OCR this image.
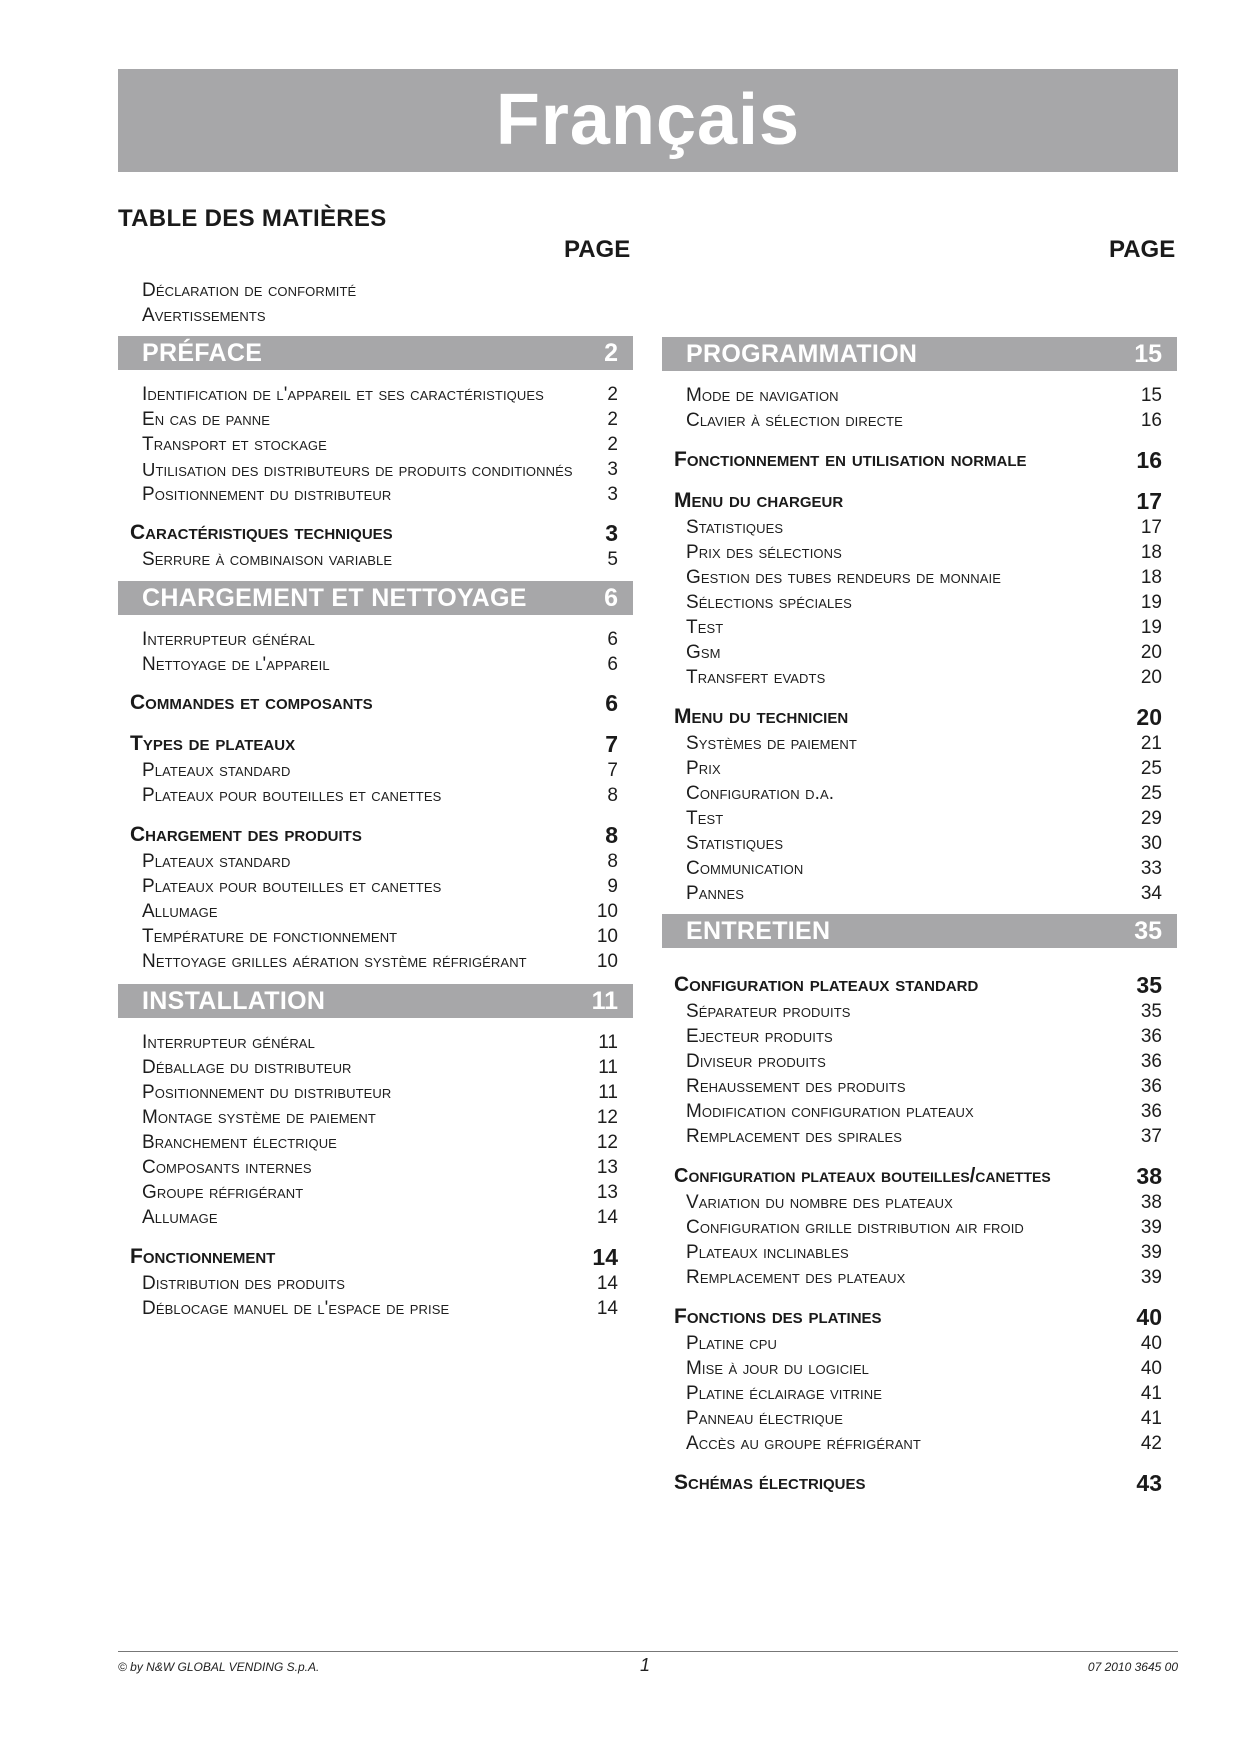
Français
TABLE DES MATIÈRES
PAGE	PAGE
Déclaration de conformité
Avertissements
PRÉFACE	2
Identification de l'appareil et ses caractéristiques	2
En cas de panne	2
Transport et stockage	2
Utilisation des distributeurs de produits conditionnés 3
Positionnement du distributeur	3
Caractéristiques techniques	3
Serrure à combinaison variable	5
CHARGEMENT ET NETTOYAGE	6
Interrupteur général	6
Nettoyage de l'appareil	6
Commandes et composants	6
Types de plateaux	7
Plateaux standard	7
Plateaux pour bouteilles et canettes	8
Chargement des produits	8
Plateaux standard	8
Plateaux pour bouteilles et canettes	9
Allumage	10
Température de fonctionnement	10
Nettoyage grilles aération système réfrigérant	10
INSTALLATION	11
Interrupteur général	11
Déballage du distributeur	11
Positionnement du distributeur	11
Montage système de paiement	12
Branchement électrique	12
Composants internes	13
Groupe réfrigérant	13
Allumage	14
Fonctionnement	14
Distribution des produits	14
Déblocage manuel de l'espace de prise	14
PROGRAMMATION	15
Mode de navigation	15
Clavier à sélection directe	16
Fonctionnement en utilisation normale	16
Menu du chargeur	17
Statistiques	17
Prix des sélections	18
Gestion des tubes rendeurs de monnaie	18
Sélections spéciales	19
Test	19
Gsm	20
Transfert evadts	20
Menu du technicien	20
Systèmes de paiement	21
Prix	25
Configuration d.a.	25
Test	29
Statistiques	30
Communication	33
Pannes	34
ENTRETIEN	35
Configuration plateaux standard	35
Séparateur produits	35
Ejecteur produits	36
Diviseur produits	36
Rehaussement des produits	36
Modification configuration plateaux	36
Remplacement des spirales	37
Configuration plateaux bouteilles/canettes	38
Variation du nombre des plateaux	38
Configuration grille distribution air froid	39
Plateaux inclinables	39
Remplacement des plateaux	39
Fonctions des platines	40
Platine cpu	40
Mise à jour du logiciel	40
Platine éclairage vitrine	41
Panneau électrique	41
Accès au groupe réfrigérant	42
Schémas électriques	43
© by N&W GLOBAL VENDING S.p.A.	1	07 2010 3645 00
